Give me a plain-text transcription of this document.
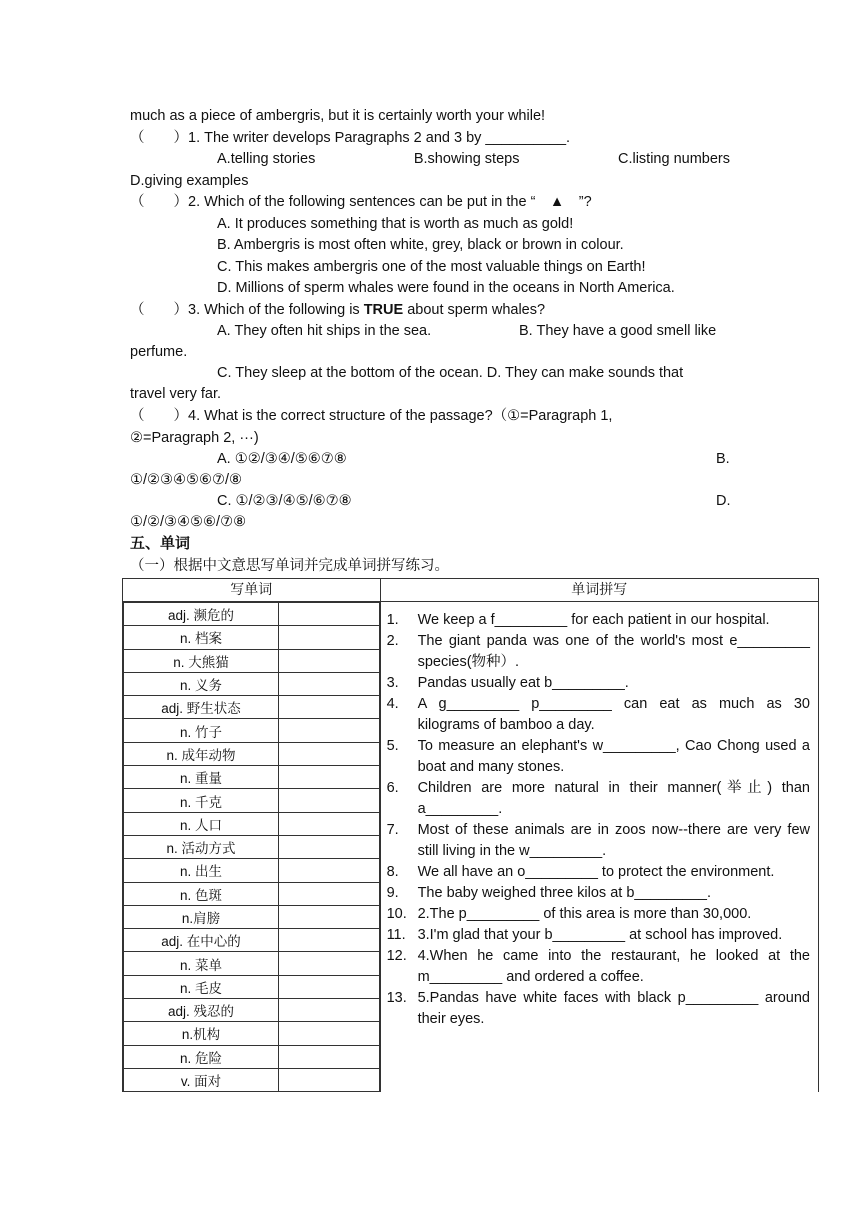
much as a piece of ambergris, but it is certainly worth your while!
（　　）1. The writer develops Paragraphs 2 and 3 by __________.
A.telling stories	B.showing steps	C.listing numbers
D.giving examples
（　　）2. Which of the following sentences can be put in the “　▲　”?
A. It produces something that is worth as much as gold!
B. Ambergris is most often white, grey, black or brown in colour.
C. This makes ambergris one of the most valuable things on Earth!
D. Millions of sperm whales were found in the oceans in North America.
（　　）3. Which of the following is TRUE about sperm whales?
A. They often hit ships in the sea.	B. They have a good smell like
perfume.
C. They sleep at the bottom of the ocean. D. They can make sounds that
travel very far.
（　　）4. What is the correct structure of the passage?（①=Paragraph 1,
②=Paragraph 2, ···)
A. ①②/③④/⑤⑥⑦⑧	B.
①/②③④⑤⑥⑦/⑧
C. ①/②③/④⑤/⑥⑦⑧	D.
①/②/③④⑤⑥/⑦⑧
五、单词
（一）根据中文意思写单词并完成单词拼写练习。
写单词	单词拼写

adj. 濒危的	
n. 档案	
n. 大熊猫	
n. 义务	
adj. 野生状态	
n. 竹子	
n. 成年动物	
n. 重量	
n. 千克	
n. 人口	
n. 活动方式	
n. 出生	
n. 色斑	
n.肩膀	
adj. 在中心的	
n. 菜单	
n. 毛皮	
adj. 残忍的	
n.机构	
n. 危险	
v. 面对	

1. We keep a f_________ for each patient in our hospital.
2. The giant panda was one of the world's most e_________ species(物种）.
3. Pandas usually eat b_________.
4. A g_________ p_________ can eat as much as 30 kilograms of bamboo a day.
5. To measure an elephant's w_________, Cao Chong used a boat and many stones.
6. Children are more natural in their manner(举止) than a_________.
7. Most of these animals are in zoos now--there are very few still living in the w_________.
8. We all have an o_________ to protect the environment.
9. The baby weighed three kilos at b_________.
10. 2.The p_________ of this area is more than 30,000.
11. 3.I'm glad that your b_________ at school has improved.
12. 4.When he came into the restaurant, he looked at the m_________ and ordered a coffee.
13. 5.Pandas have white faces with black p_________ around their eyes.
